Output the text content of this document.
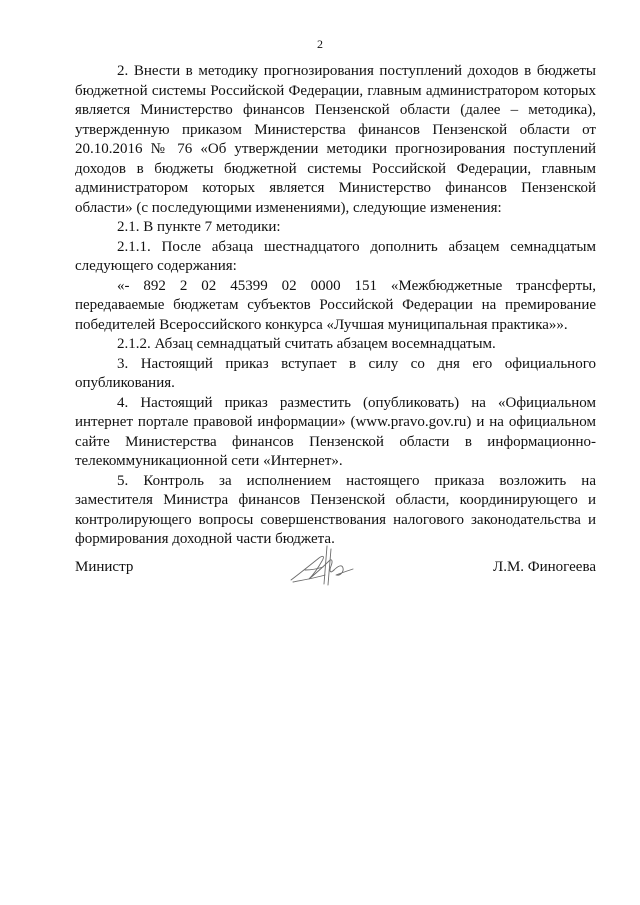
2

2. Внести в методику прогнозирования поступлений доходов в бюджеты бюджетной системы Российской Федерации, главным администратором которых является Министерство финансов Пензенской области (далее – методика), утвержденную приказом Министерства финансов Пензенской области от 20.10.2016 № 76 «Об утверждении методики прогнозирования поступлений доходов в бюджеты бюджетной системы Российской Федерации, главным администратором которых является Министерство финансов Пензенской области» (с последующими изменениями), следующие изменения:

2.1. В пункте 7 методики:

2.1.1. После абзаца шестнадцатого дополнить абзацем семнадцатым следующего содержания:

«- 892 2 02 45399 02 0000 151 «Межбюджетные трансферты, передаваемые бюджетам субъектов Российской Федерации на премирование победителей Всероссийского конкурса «Лучшая муниципальная практика»».

2.1.2. Абзац семнадцатый считать абзацем восемнадцатым.

3. Настоящий приказ вступает в силу со дня его официального опубликования.

4. Настоящий приказ разместить (опубликовать) на «Официальном интернет портале правовой информации» (www.pravo.gov.ru) и на официальном сайте Министерства финансов Пензенской области в информационно-телекоммуникационной сети «Интернет».

5. Контроль за исполнением настоящего приказа возложить на заместителя Министра финансов Пензенской области, координирующего и контролирующего вопросы совершенствования налогового законодательства и формирования доходной части бюджета.

Министр	Л.М. Финогеева
